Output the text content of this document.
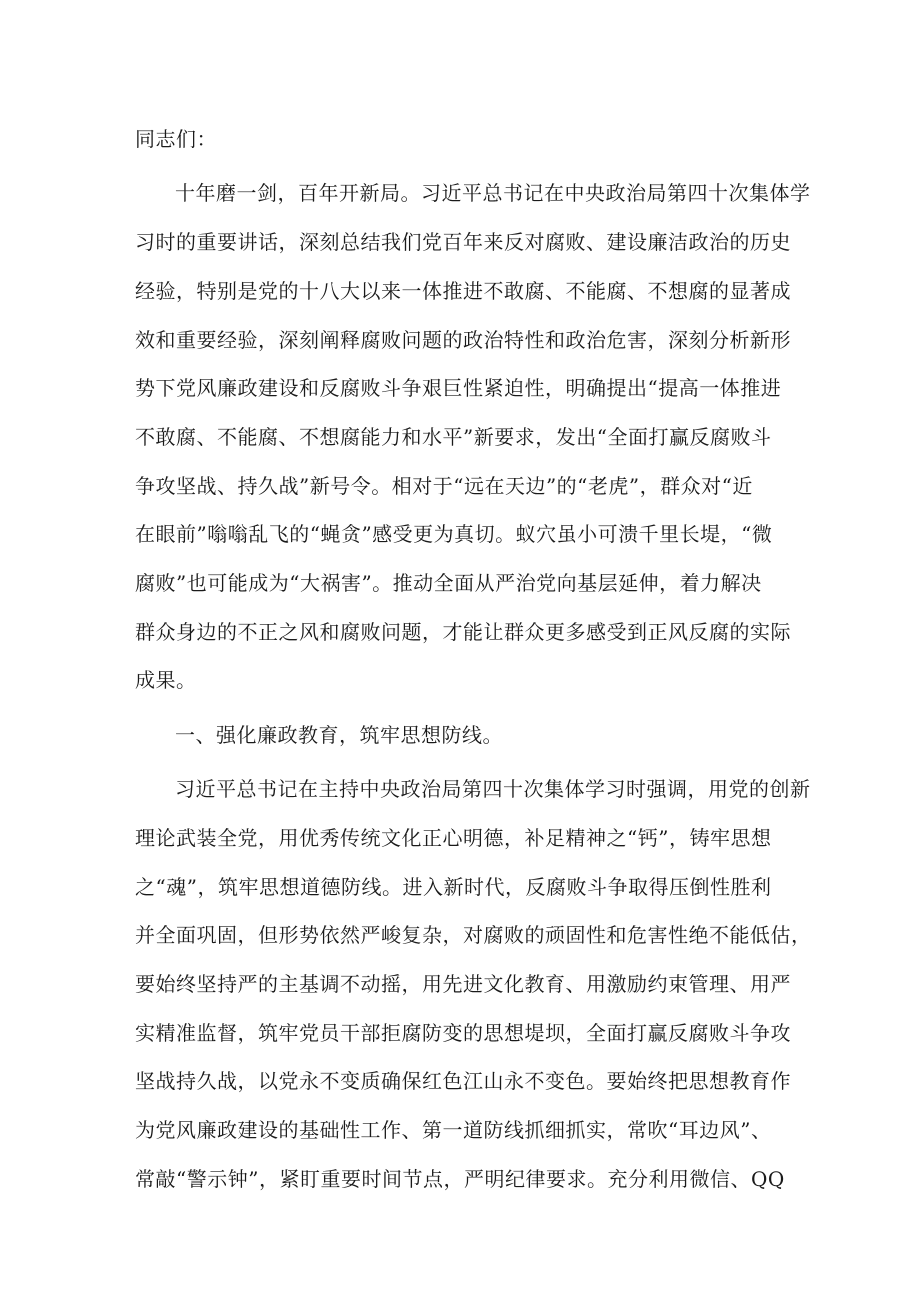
同志们：
十年磨一剑，百年开新局。习近平总书记在中央政治局第四十次集体学
习时的重要讲话，深刻总结我们党百年来反对腐败、建设廉洁政治的历史
经验，特别是党的十八大以来一体推进不敢腐、不能腐、不想腐的显著成
效和重要经验，深刻阐释腐败问题的政治特性和政治危害，深刻分析新形
势下党风廉政建设和反腐败斗争艰巨性紧迫性，明确提出“提高一体推进
不敢腐、不能腐、不想腐能力和水平”新要求，发出“全面打赢反腐败斗
争攻坚战、持久战”新号令。相对于“远在天边”的“老虎”，群众对“近
在眼前”嗡嗡乱飞的“蝇贪”感受更为真切。蚁穴虽小可溃千里长堤，“微
腐败”也可能成为“大祸害”。推动全面从严治党向基层延伸，着力解决
群众身边的不正之风和腐败问题，才能让群众更多感受到正风反腐的实际
成果。
一、强化廉政教育，筑牢思想防线。
习近平总书记在主持中央政治局第四十次集体学习时强调，用党的创新
理论武装全党，用优秀传统文化正心明德，补足精神之“钙”，铸牢思想
之“魂”，筑牢思想道德防线。进入新时代，反腐败斗争取得压倒性胜利
并全面巩固，但形势依然严峻复杂，对腐败的顽固性和危害性绝不能低估，
要始终坚持严的主基调不动摇，用先进文化教育、用激励约束管理、用严
实精准监督，筑牢党员干部拒腐防变的思想堤坝，全面打赢反腐败斗争攻
坚战持久战，以党永不变质确保红色江山永不变色。要始终把思想教育作
为党风廉政建设的基础性工作、第一道防线抓细抓实，常吹“耳边风”、
常敲“警示钟”，紧盯重要时间节点，严明纪律要求。充分利用微信、QQ
